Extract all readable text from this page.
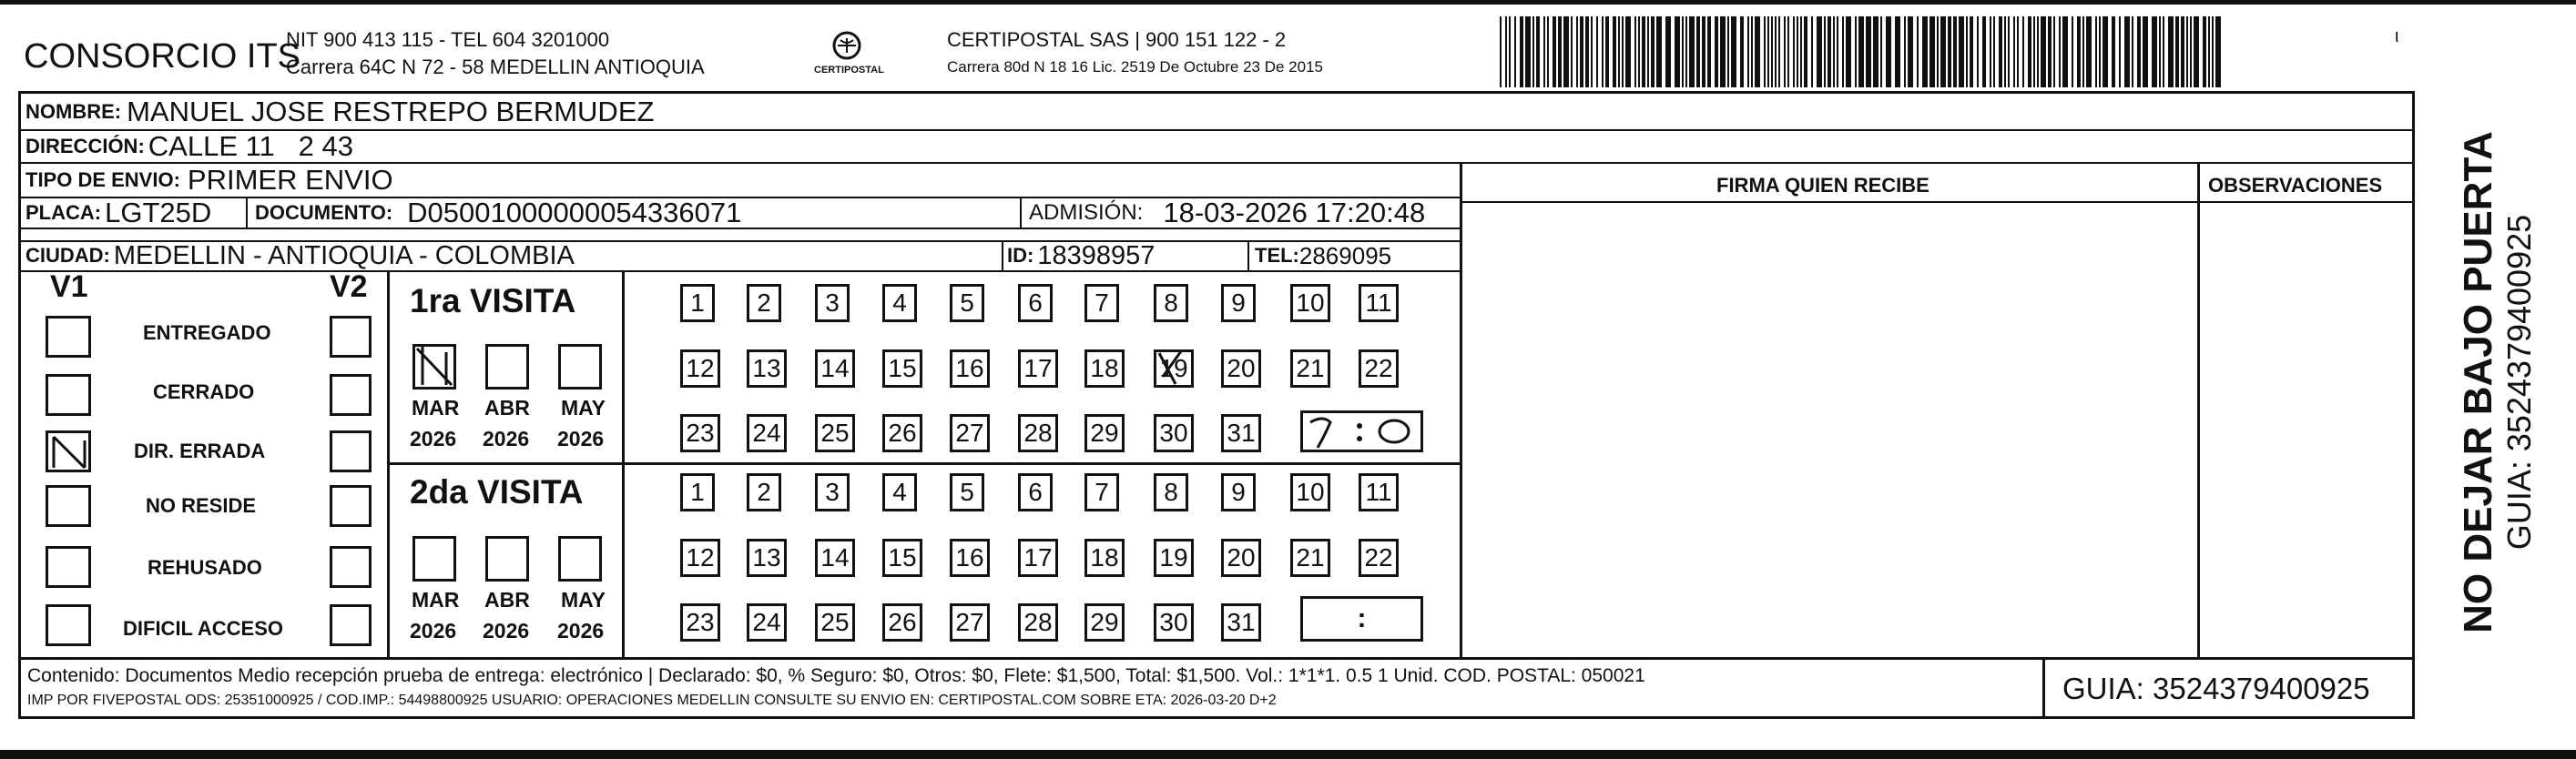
CONSORCIO ITS
NIT 900 413 115 - TEL 604 3201000
Carrera 64C N 72 - 58 MEDELLIN ANTIOQUIA	CERTIPOSTAL
CERTIPOSTAL SAS | 900 151 122 - 2
Carrera 80d N 18 16 Lic. 2519 De Octubre 23 De 2015
ι
NOMBRE: MANUEL JOSE RESTREPO BERMUDEZ
DIRECCIÓN: CALLE 11   2 43
TIPO DE ENVIO: PRIMER ENVIO
PLACA: LGT25D DOCUMENTO: D05001000000054336071	ADMISIÓN: 18-03-2026 17:20:48
CIUDAD: MEDELLIN - ANTIOQUIA - COLOMBIA	ID: 18398957	TEL: 2869095
FIRMA QUIEN RECIBE	OBSERVACIONES
V1	V2
ENTREGADO
CERRADO
DIR. ERRADA
NO RESIDE
REHUSADO
DIFICIL ACCESO
1ra VISITA
2da VISITA
MAR ABR MAY
2026 2026 2026
MAR ABR MAY
2026 2026 2026
1	2	3	4	5	6	7	8	9	10 11
12 13 14 15 16 17 18 19 20 21 22
23 24 25 26 27 28 29 30 31
1	2	3	4	5	6	7	8	9	10 11
12 13 14 15 16 17 18 19 20 21 22
23 24 25 26 27 28 29 30 31	:
Contenido: Documentos Medio recepción prueba de entrega: electrónico | Declarado: $0, % Seguro: $0, Otros: $0, Flete: $1,500, Total: $1,500. Vol.: 1*1*1. 0.5 1 Unid. COD. POSTAL: 050021
IMP POR FIVEPOSTAL ODS: 25351000925 / COD.IMP.: 54498800925 USUARIO: OPERACIONES MEDELLIN CONSULTE SU ENVIO EN: CERTIPOSTAL.COM SOBRE ETA: 2026-03-20 D+2	GUIA: 3524379400925
NO DEJAR BAJO PUERTA GUIA: 3524379400925
